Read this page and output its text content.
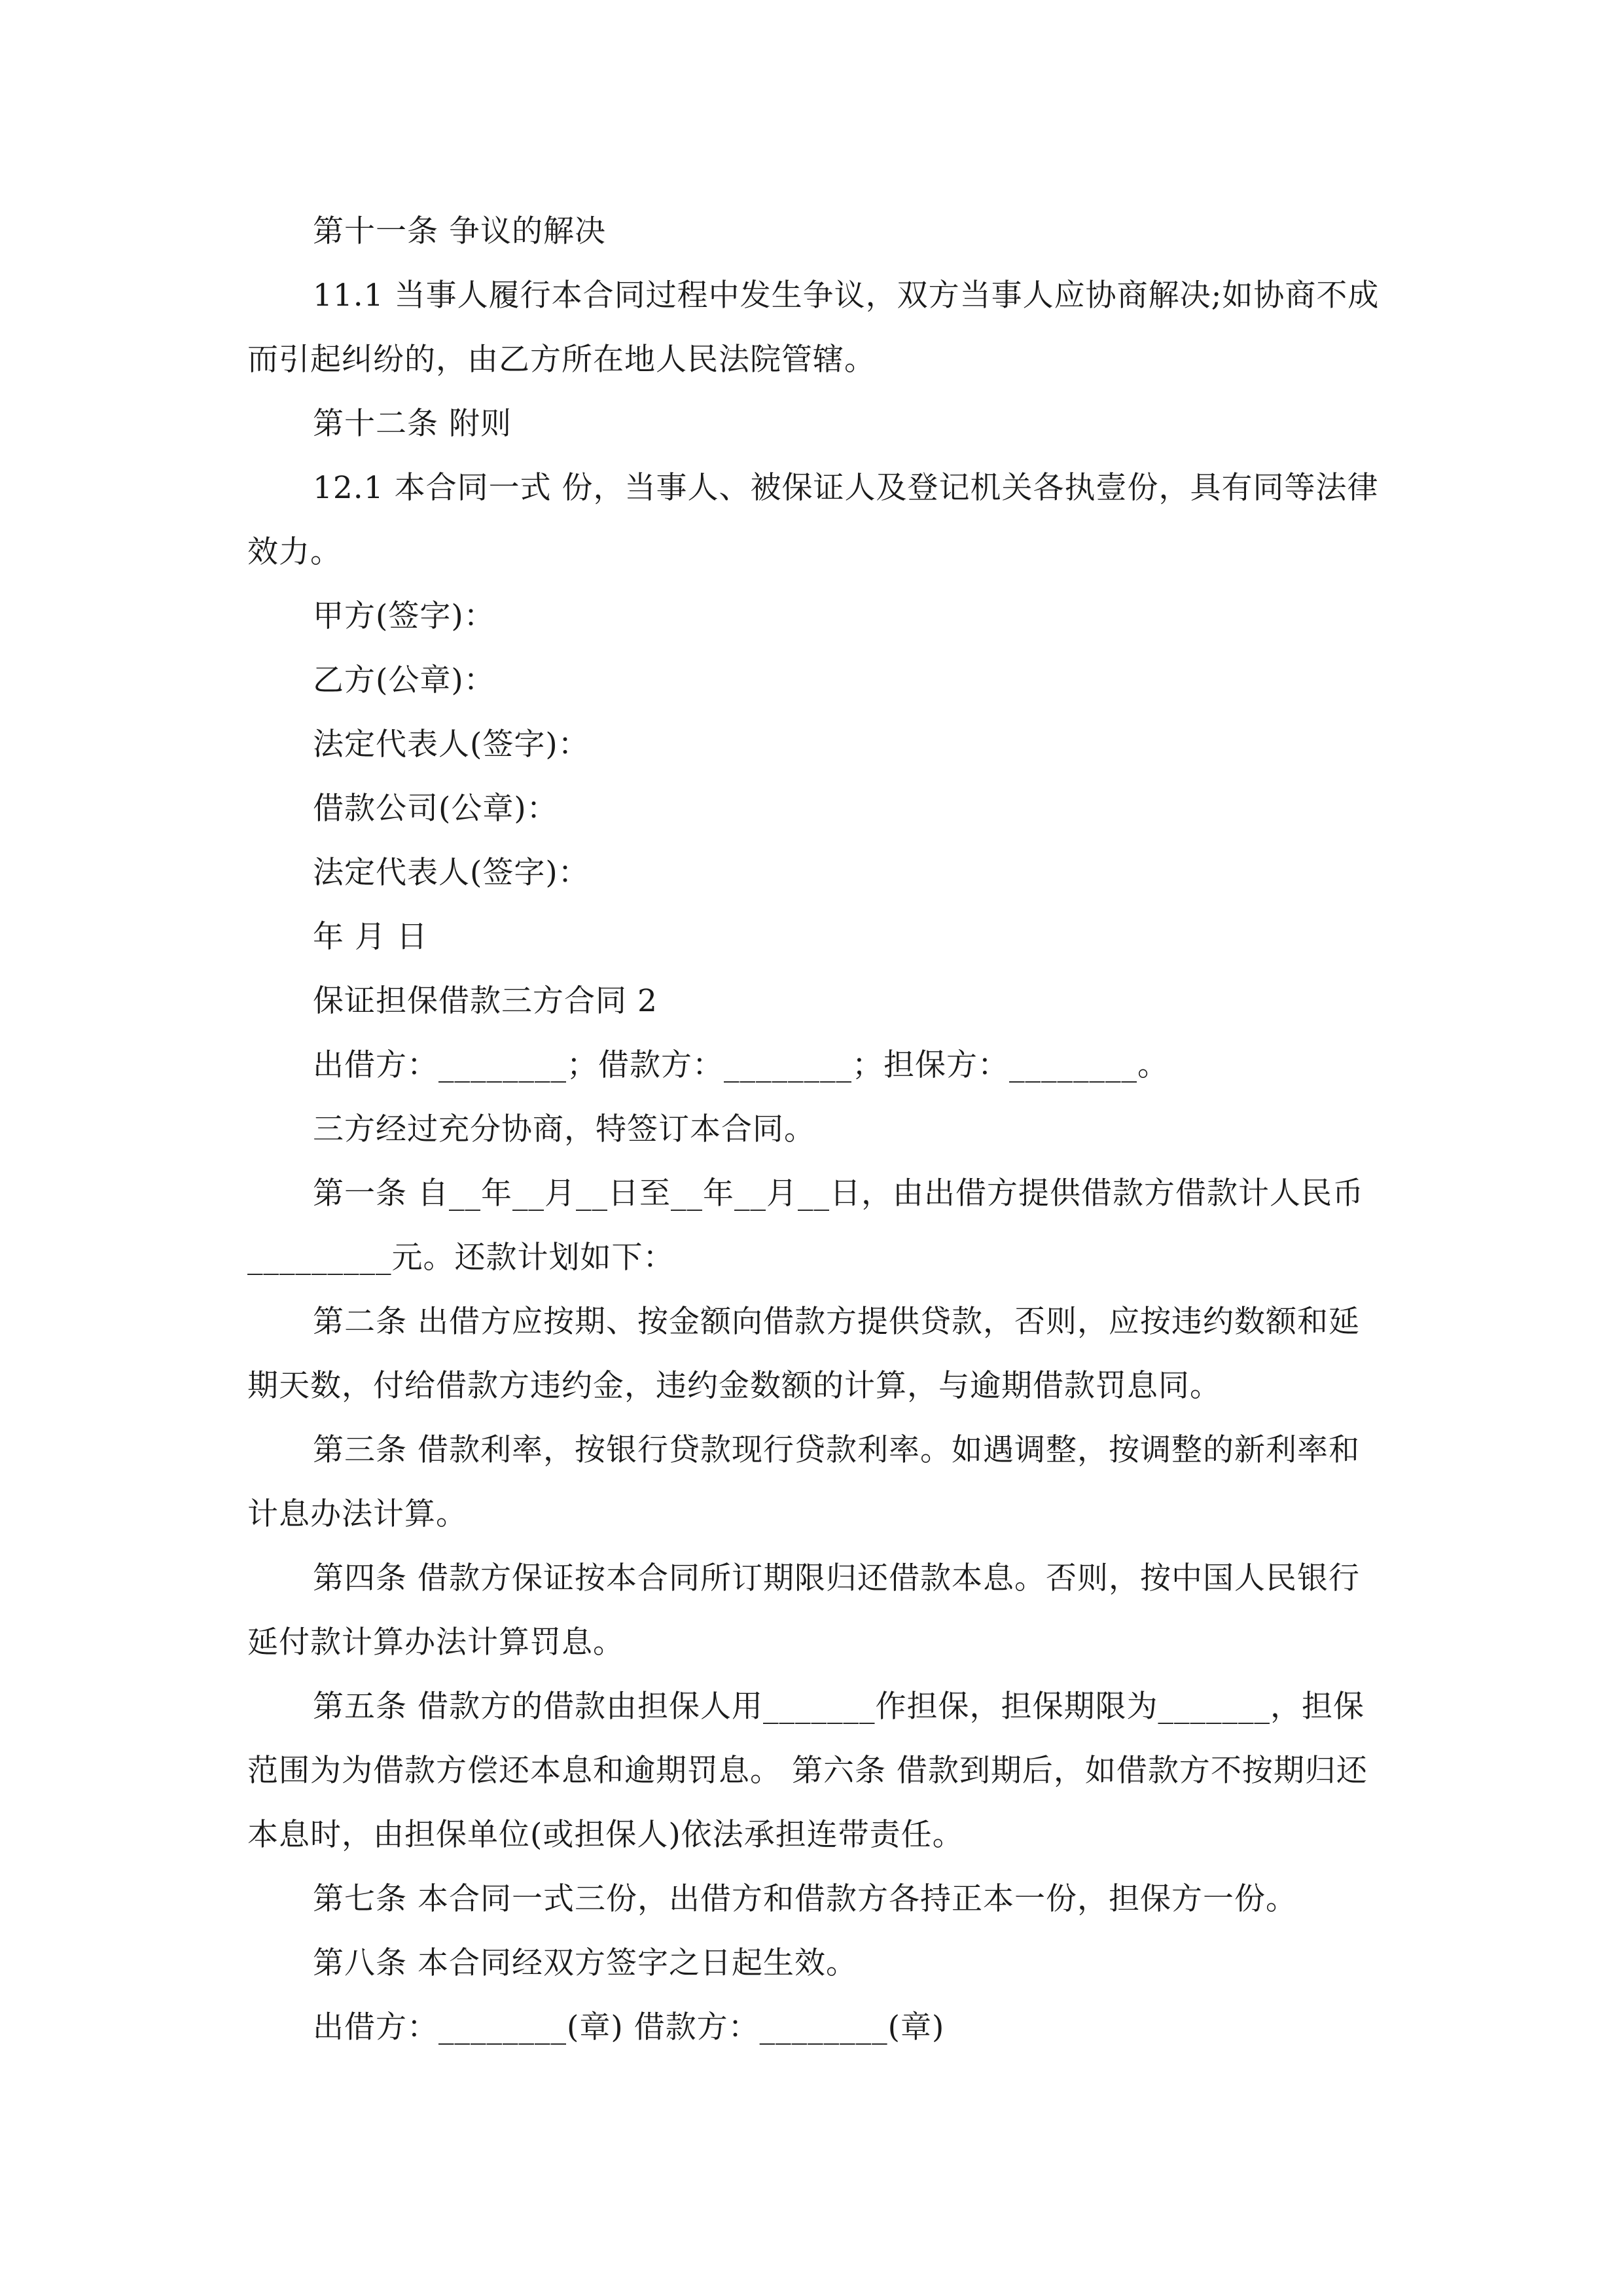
第十一条 争议的解决

11.1 当事人履行本合同过程中发生争议，双方当事人应协商解决;如协商不成而引起纠纷的，由乙方所在地人民法院管辖。

第十二条 附则

12.1 本合同一式 份，当事人、被保证人及登记机关各执壹份，具有同等法律效力。

甲方(签字)：

乙方(公章)：

法定代表人(签字)：

借款公司(公章)：

法定代表人(签字)：

年 月 日

保证担保借款三方合同 2

出借方：________；借款方：________；担保方：________。

三方经过充分协商，特签订本合同。

第一条 自__年__月__日至__年__月__日，由出借方提供借款方借款计人民币_________元。还款计划如下：

第二条 出借方应按期、按金额向借款方提供贷款，否则，应按违约数额和延期天数，付给借款方违约金，违约金数额的计算，与逾期借款罚息同。

第三条 借款利率，按银行贷款现行贷款利率。如遇调整，按调整的新利率和计息办法计算。

第四条 借款方保证按本合同所订期限归还借款本息。否则，按中国人民银行延付款计算办法计算罚息。

第五条 借款方的借款由担保人用_______作担保，担保期限为_______，担保范围为为借款方偿还本息和逾期罚息。 第六条 借款到期后，如借款方不按期归还本息时，由担保单位(或担保人)依法承担连带责任。

第七条 本合同一式三份，出借方和借款方各持正本一份，担保方一份。

第八条 本合同经双方签字之日起生效。

出借方：________(章) 借款方：________(章)
